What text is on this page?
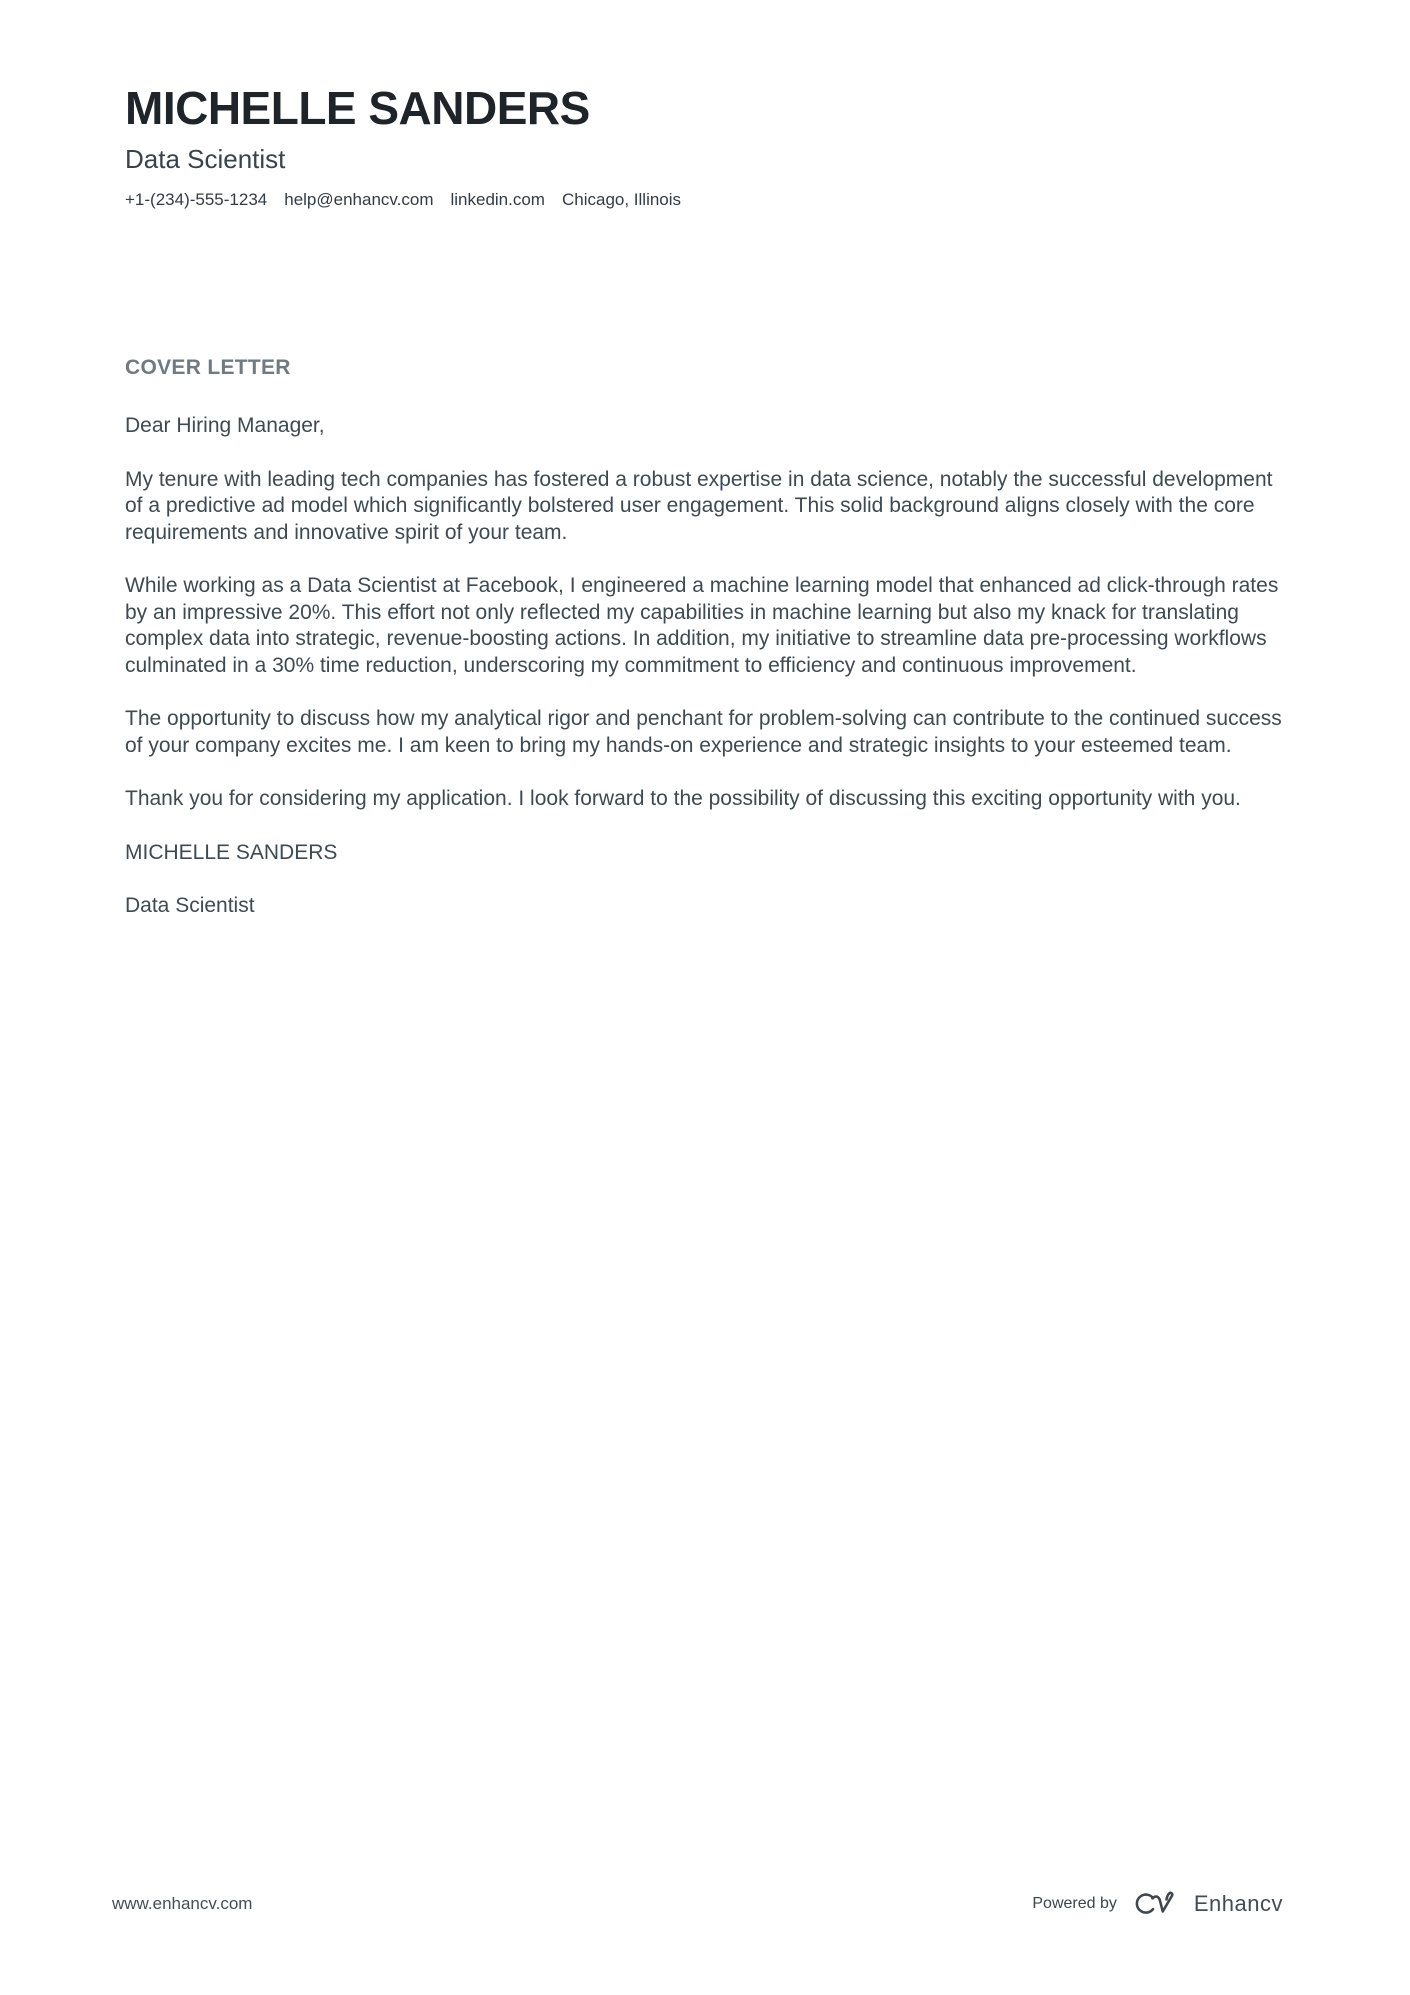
MICHELLE SANDERS
Data Scientist
+1-(234)-555-1234 help@enhancv.com linkedin.com Chicago, Illinois
COVER LETTER

Dear Hiring Manager,

My tenure with leading tech companies has fostered a robust expertise in data science, notably the successful development of a predictive ad model which significantly bolstered user engagement. This solid background aligns closely with the core requirements and innovative spirit of your team.

While working as a Data Scientist at Facebook, I engineered a machine learning model that enhanced ad click-through rates by an impressive 20%. This effort not only reflected my capabilities in machine learning but also my knack for translating complex data into strategic, revenue-boosting actions. In addition, my initiative to streamline data pre-processing workflows culminated in a 30% time reduction, underscoring my commitment to efficiency and continuous improvement.

The opportunity to discuss how my analytical rigor and penchant for problem-solving can contribute to the continued success of your company excites me. I am keen to bring my hands-on experience and strategic insights to your esteemed team.

Thank you for considering my application. I look forward to the possibility of discussing this exciting opportunity with you.

MICHELLE SANDERS

Data Scientist

www.enhancv.com	Powered by	Enhancv
